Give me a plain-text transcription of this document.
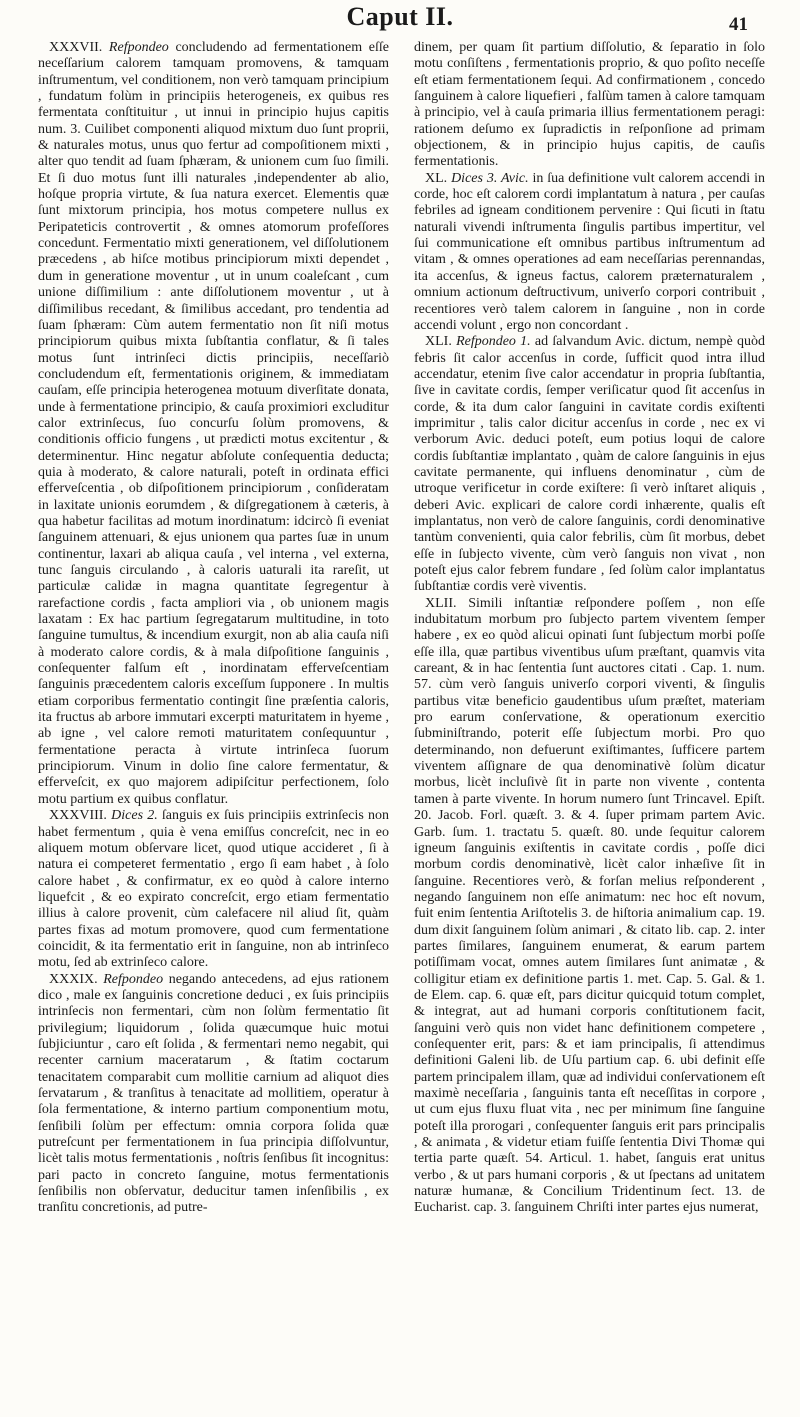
Caput II.	41

XXXVII. Refpondeo concludendo ad fermentationem eſſe neceſſarium calorem tamquam promovens, & tamquam inſtrumentum, vel conditionem, non verò tamquam principium , fundatum folùm in principiis heterogeneis, ex quibus res fermentata conſtituitur , ut innui in principio hujus capitis num. 3. Cuilibet componenti aliquod mixtum duo ſunt proprii, & naturales motus, unus quo fertur ad compoſitionem mixti , alter quo tendit ad ſuam ſphæram, & unionem cum ſuo ſimili. Et ſi duo motus ſunt illi naturales ,independenter ab alio, hoſque propria virtute, & ſua natura exercet. Elementis quæ ſunt mixtorum principia, hos motus competere nullus ex Peripateticis controvertit , & omnes atomorum profeſſores concedunt. Fermentatio mixti generationem, vel diſſolutionem præcedens , ab hiſce motibus principiorum mixti dependet , dum in generatione moventur , ut in unum coaleſcant , cum unione diſſimilium : ante diſſolutionem moventur , ut à diſſimilibus recedant, & ſimilibus accedant, pro tendentia ad ſuam ſphæram: Cùm autem fermentatio non ſit niſi motus principiorum quibus mixta ſubſtantia conflatur, & ſi tales motus ſunt intrinſeci dictis principiis, neceſſariò concludendum eſt, fermentationis originem, & immediatam cauſam, eſſe principia heterogenea motuum diverſitate donata, unde à fermentatione principio, & cauſa proximiori excluditur calor extrinſecus, ſuo concurſu ſolùm promovens, & conditionis officio fungens , ut prædicti motus excitentur , & determinentur. Hinc negatur abſolute conſequentia deducta; quia à moderato, & calore naturali, poteſt in ordinata effici efferveſcentia , ob diſpoſitionem principiorum , conſideratam in laxitate unionis eorumdem , & diſgregationem à cæteris, à qua habetur facilitas ad motum inordinatum: idcircò ſi eveniat ſanguinem attenuari, & ejus unionem qua partes ſuæ in unum continentur, laxari ab aliqua cauſa , vel interna , vel externa, tunc ſanguis circulando , à caloris uaturali ita rareſit, ut particulæ calidæ in magna quantitate ſegregentur à rarefactione cordis , facta ampliori via , ob unionem magis laxatam : Ex hac partium ſegregatarum multitudine, in toto ſanguine tumultus, & incendium exurgit, non ab alia cauſa niſi à moderato calore cordis, & à mala diſpoſitione ſanguinis , conſequenter falſum eſt , inordinatam efferveſcentiam ſanguinis præcedentem caloris exceſſum ſupponere . In multis etiam corporibus fermentatio contingit ſine præſentia caloris, ita fructus ab arbore immutari excerpti maturitatem in hyeme , ab igne , vel calore remoti maturitatem conſequuntur , fermentatione peracta à virtute intrinſeca ſuorum principiorum. Vinum in dolio ſine calore fermentatur, & efferveſcit, ex quo majorem adipiſcitur perfectionem, ſolo motu partium ex quibus conflatur.

XXXVIII. Dices 2. ſanguis ex ſuis principiis extrinſecis non habet fermentum , quia è vena emiſſus concreſcit, nec in eo aliquem motum obſervare licet, quod utique accideret , ſi à natura ei competeret fermentatio , ergo ſi eam habet , à ſolo calore habet , & confirmatur, ex eo quòd à calore interno liquefcit , & eo expirato concreſcit, ergo etiam fermentatio illius à calore provenit, cùm calefacere nil aliud ſit, quàm partes fixas ad motum promovere, quod cum fermentatione coincidit, & ita fermentatio erit in ſanguine, non ab intrinſeco motu, ſed ab extrinſeco calore.

XXXIX. Refpondeo negando antecedens, ad ejus rationem dico , male ex ſanguinis concretione deduci , ex ſuis principiis intrinſecis non fermentari, cùm non ſolùm fermentatio ſit privilegium; liquidorum , ſolida quæcumque huic motui ſubjiciuntur , caro eſt ſolida , & fermentari nemo negabit, qui recenter carnium maceratarum , & ſtatim coctarum tenacitatem comparabit cum mollitie carnium ad aliquot dies ſervatarum , & tranſitus à tenacitate ad mollitiem, operatur à ſola fermentatione, & interno partium componentium motu, ſenſibili ſolùm per effectum: omnia corpora ſolida quæ putreſcunt per fermentationem in ſua principia diſſolvuntur, licèt talis motus fermentationis , noſtris ſenſibus ſit incognitus: pari pacto in concreto ſanguine, motus fermentationis ſenſibilis non obſervatur, deducitur tamen inſenſibilis , ex tranſitu concretionis, ad putre-

dinem, per quam ſit partium diſſolutio, & ſeparatio in ſolo motu conſiſtens , fermentationis proprio, & quo poſito neceſſe eſt etiam fermentationem ſequi. Ad confirmationem , concedo ſanguinem à calore liquefieri , falſùm tamen à calore tamquam à principio, vel à cauſa primaria illius fermentationem peragi: rationem deſumo ex ſupradictis in reſponſione ad primam objectionem, & in principio hujus capitis, de cauſis fermentationis.

XL. Dices 3. Avic. in ſua definitione vult calorem accendi in corde, hoc eſt calorem cordi implantatum à natura , per cauſas febriles ad igneam conditionem pervenire : Qui ſicuti in ſtatu naturali vivendi inſtrumenta ſingulis partibus impertitur, vel ſui communicatione eſt omnibus partibus inſtrumentum ad vitam , & omnes operationes ad eam neceſſarias perennandas, ita accenſus, & igneus factus, calorem præternaturalem , omnium actionum deſtructivum, univerſo corpori contribuit , recentiores verò talem calorem in ſanguine , non in corde accendi volunt , ergo non concordant .

XLI. Refpondeo 1. ad ſalvandum Avic. dictum, nempè quòd febris ſit calor accenſus in corde, ſufficit quod intra illud accendatur, etenim ſive calor accendatur in propria ſubſtantia, ſive in cavitate cordis, ſemper veriſicatur quod ſit accenſus in corde, & ita dum calor ſanguini in cavitate cordis exiſtenti imprimitur , talis calor dicitur accenſus in corde , nec ex vi verborum Avic. deduci poteſt, eum potius loqui de calore cordis ſubſtantiæ implantato , quàm de calore ſanguinis in ejus cavitate permanente, qui influens denominatur , cùm de utroque verificetur in corde exiſtere: ſi verò inſtaret aliquis , deberi Avic. explicari de calore cordi inhærente, qualis eſt implantatus, non verò de calore ſanguinis, cordi denominative tantùm convenienti, quia calor febrilis, cùm ſit morbus, debet eſſe in ſubjecto vivente, cùm verò ſanguis non vivat , non poteſt ejus calor febrem fundare , ſed ſolùm calor implantatus ſubſtantiæ cordis verè viventis.

XLII. Simili inſtantiæ reſpondere poſſem , non eſſe indubitatum morbum pro ſubjecto partem viventem ſemper habere , ex eo quòd alicui opinati ſunt ſubjectum morbi poſſe eſſe illa, quæ partibus viventibus uſum præſtant, quamvis vita careant, & in hac ſententia ſunt auctores citati . Cap. 1. num. 57. cùm verò ſanguis univerſo corpori viventi, & ſingulis partibus vitæ beneficio gaudentibus uſum præſtet, materiam pro earum conſervatione, & operationum exercitio ſubminiſtrando, poterit eſſe ſubjectum morbi. Pro quo determinando, non defuerunt exiſtimantes, ſufficere partem viventem aſſignare de qua denominativè ſolùm dicatur morbus, licèt incluſivè ſit in parte non vivente , contenta tamen à parte vivente. In horum numero ſunt Trincavel. Epiſt. 20. Jacob. Forl. quæſt. 3. & 4. ſuper primam partem Avic. Garb. ſum. 1. tractatu 5. quæſt. 80. unde ſequitur calorem igneum ſanguinis exiſtentis in cavitate cordis , poſſe dici morbum cordis denominativè, licèt calor inhæſive ſit in ſanguine. Recentiores verò, & forſan melius reſponderent , negando ſanguinem non eſſe animatum: nec hoc eſt novum, fuit enim ſententia Ariſtotelis 3. de hiſtoria animalium cap. 19. dum dixit ſanguinem ſolùm animari , & citato lib. cap. 2. inter partes ſimilares, ſanguinem enumerat, & earum partem potiſſimam vocat, omnes autem ſimilares ſunt animatæ , & colligitur etiam ex definitione partis 1. met. Cap. 5. Gal. & 1. de Elem. cap. 6. quæ eſt, pars dicitur quicquid totum complet, & integrat, aut ad humani corporis conſtitutionem facit, ſanguini verò quis non videt hanc definitionem competere , conſequenter erit, pars: & et iam principalis, ſi attendimus definitioni Galeni lib. de Uſu partium cap. 6. ubi definit eſſe partem principalem illam, quæ ad individui conſervationem eſt maximè neceſſaria , ſanguinis tanta eſt neceſſitas in corpore , ut cum ejus fluxu fluat vita , nec per minimum ſine ſanguine poteſt illa prorogari , conſequenter ſanguis erit pars principalis , & animata , & videtur etiam fuiſſe ſententia Divi Thomæ qui tertia parte quæſt. 54. Articul. 1. habet, ſanguis erat unitus verbo , & ut pars humani corporis , & ut ſpectans ad unitatem naturæ humanæ, & Concilium Tridentinum ſect. 13. de Eucharist. cap. 3. ſanguinem Chriſti inter partes ejus numerat,
